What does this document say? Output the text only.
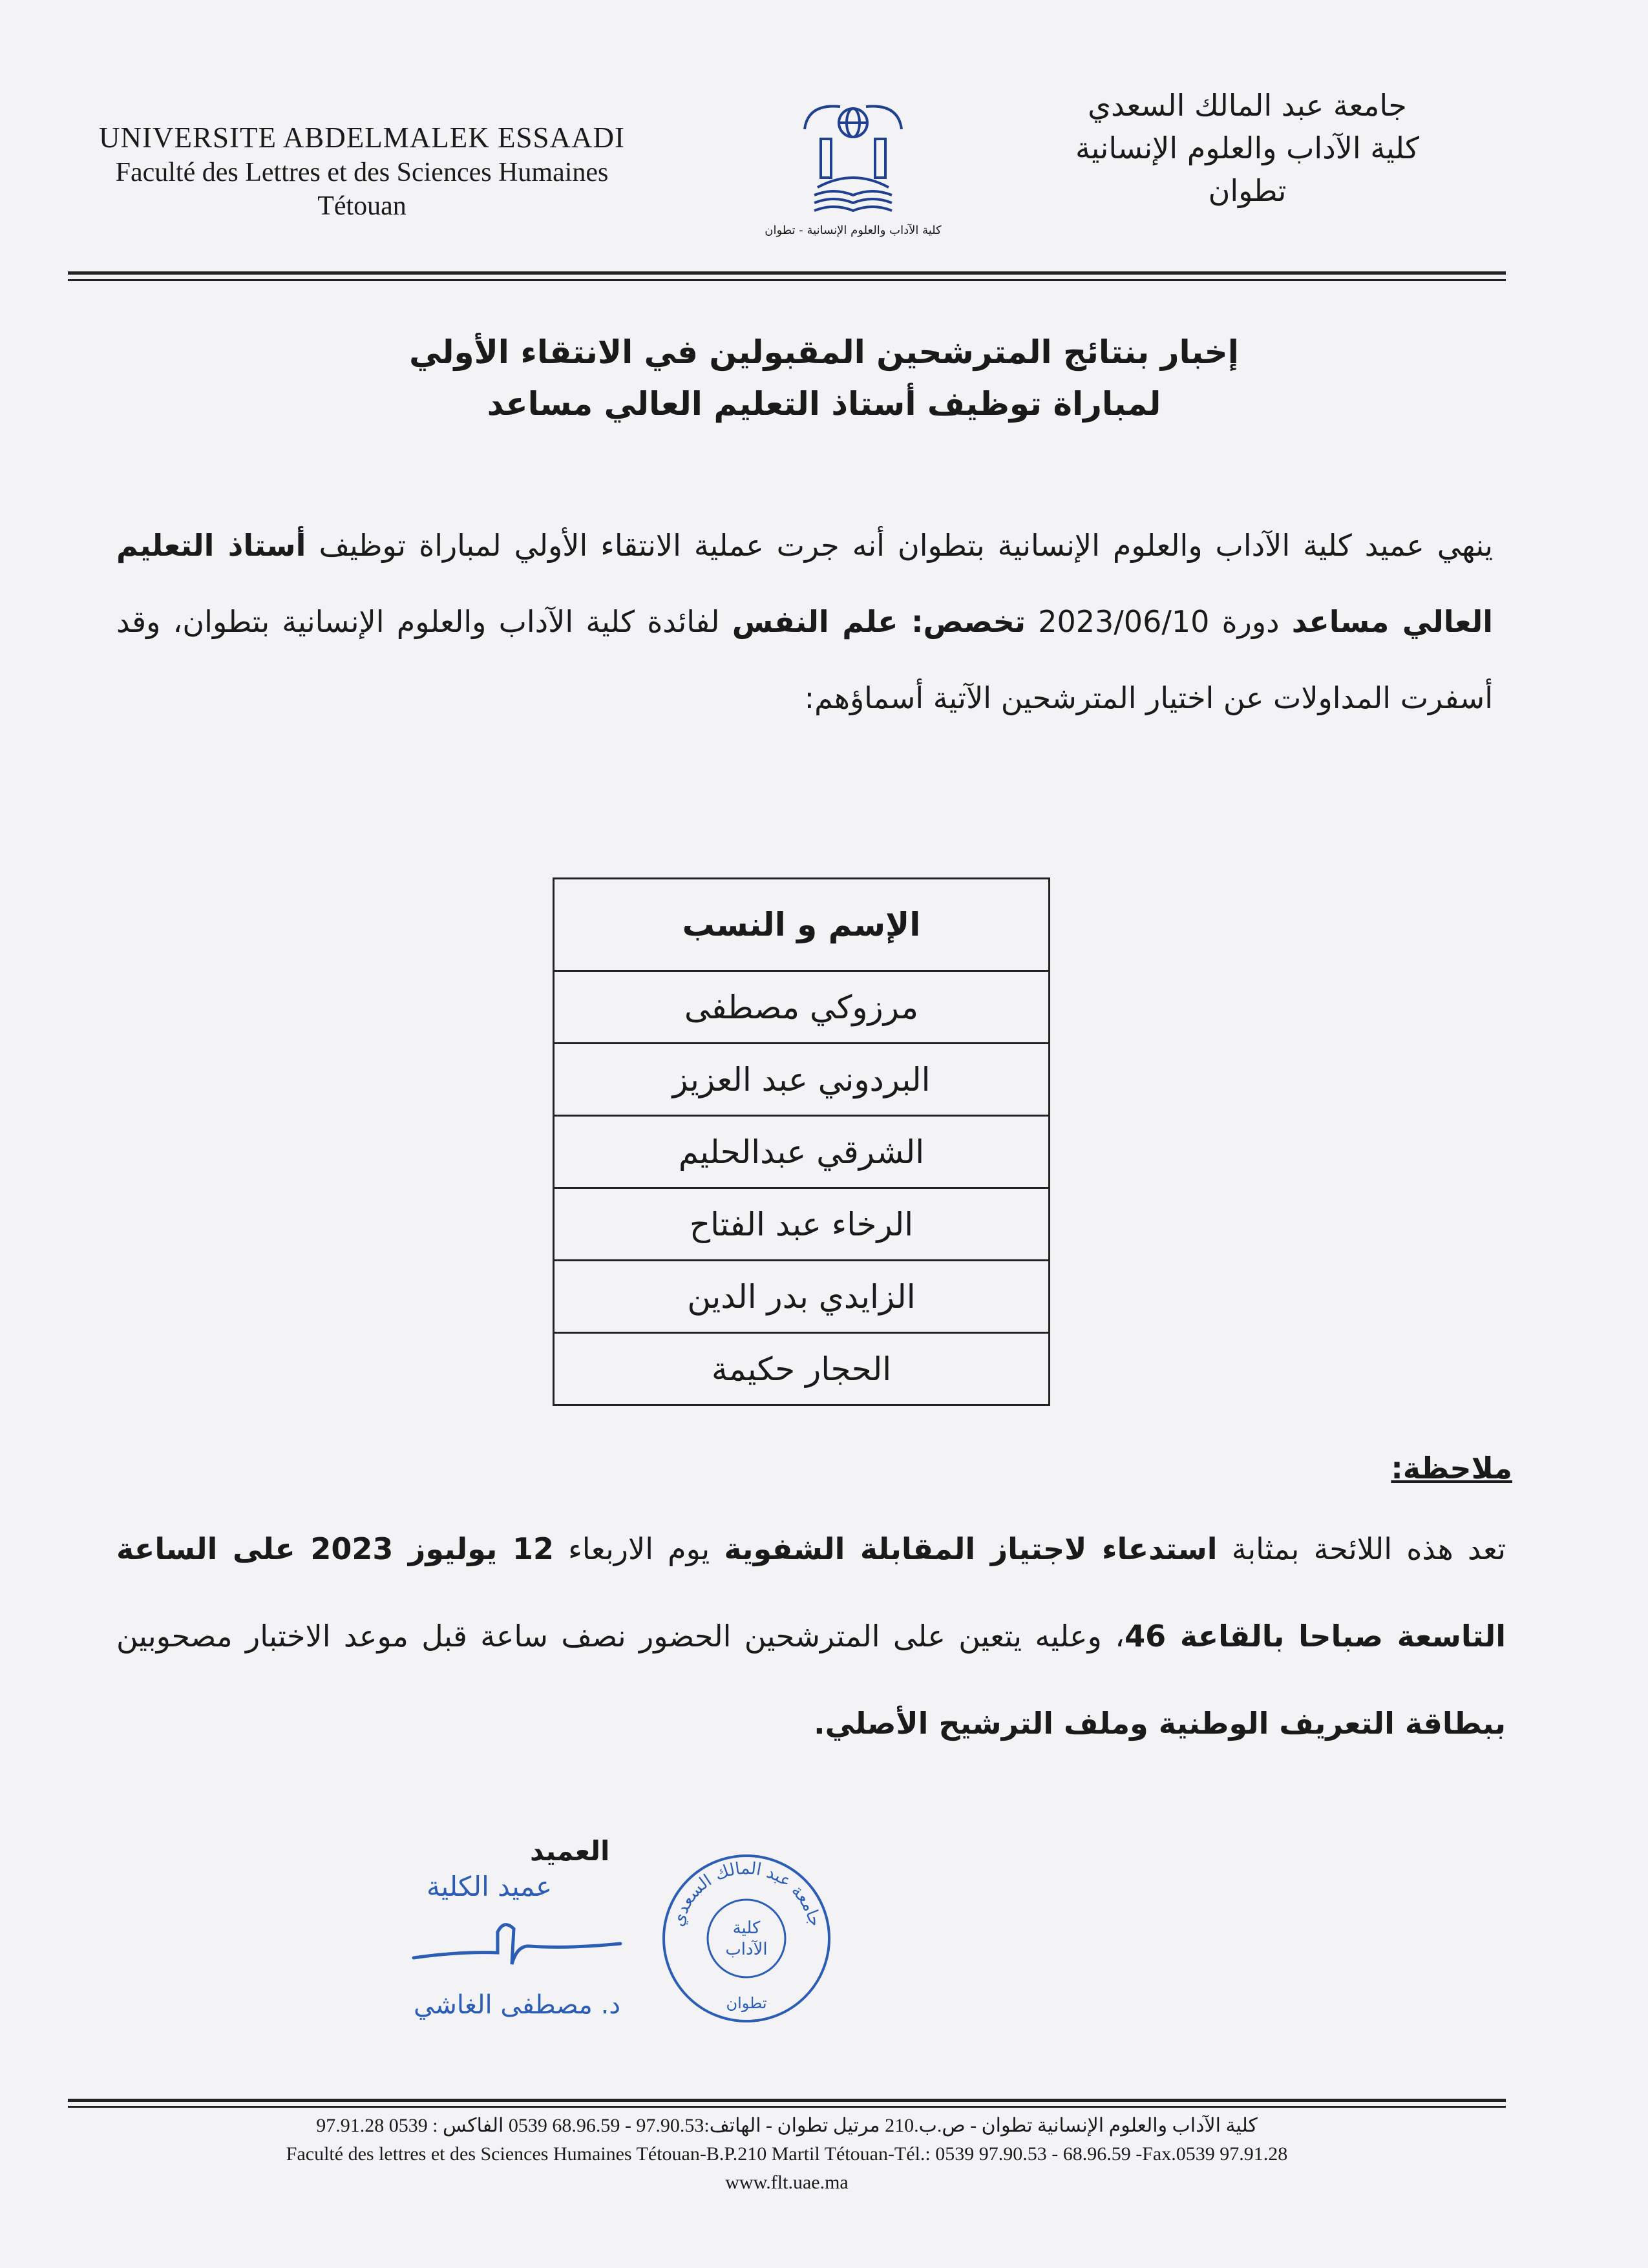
UNIVERSITE ABDELMALEK ESSAADI
Faculté des Lettres et des Sciences Humaines
Tétouan
كلية الآداب والعلوم الإنسانية - تطوان
جامعة عبد المالك السعدي
كلية الآداب والعلوم الإنسانية
تطوان
إخبار بنتائج المترشحين المقبولين في الانتقاء الأولي
لمباراة توظيف أستاذ التعليم العالي مساعد
ينهي عميد كلية الآداب والعلوم الإنسانية بتطوان أنه جرت عملية الانتقاء الأولي لمباراة توظيف أستاذ التعليم العالي مساعد دورة 2023/06/10 تخصص: علم النفس لفائدة كلية الآداب والعلوم الإنسانية بتطوان، وقد أسفرت المداولات عن اختيار المترشحين الآتية أسماؤهم:
الإسم و النسب
مرزوكي مصطفى
البردوني عبد العزيز
الشرقي عبدالحليم
الرخاء عبد الفتاح
الزايدي بدر الدين
الحجار حكيمة
ملاحظة:
تعد هذه اللائحة بمثابة استدعاء لاجتياز المقابلة الشفوية يوم الاربعاء 12 يوليوز 2023 على الساعة التاسعة صباحا بالقاعة 46، وعليه يتعين على المترشحين الحضور نصف ساعة قبل موعد الاختبار مصحوبين ببطاقة التعريف الوطنية وملف الترشيح الأصلي.
العميد
عميد الكلية
د. مصطفى الغاشي
جامعة عبد المالك السعدي
كلية
الآداب
تطوان
كلية الآداب والعلوم الإنسانية تطوان - ص.ب.210 مرتيل تطوان - الهاتف:97.90.53 - 68.96.59 0539 الفاكس : 0539 97.91.28
Faculté des lettres et des Sciences Humaines Tétouan-B.P.210 Martil Tétouan-Tél.: 0539 97.90.53 - 68.96.59 -Fax.0539 97.91.28
www.flt.uae.ma
